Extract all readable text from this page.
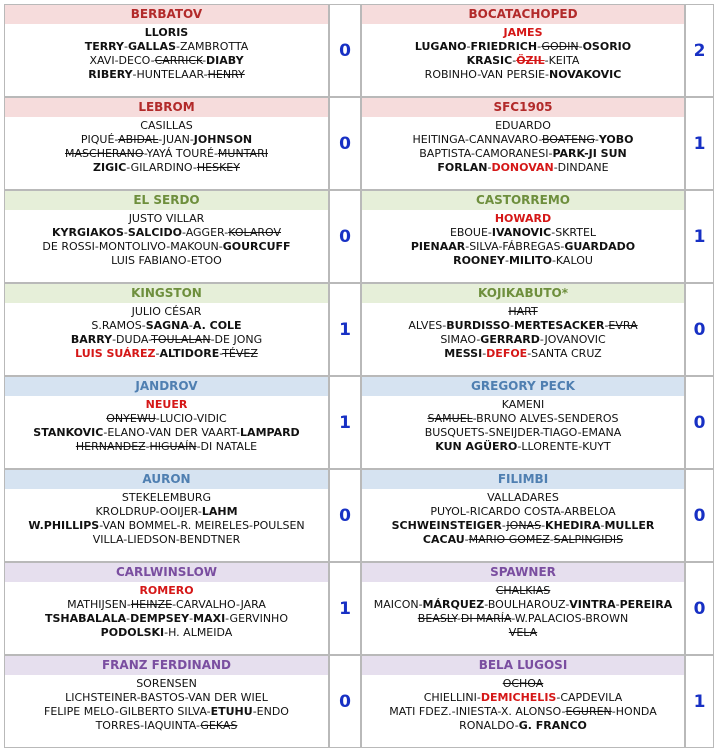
BERBATOV
LLORIS
TERRY-GALLAS-ZAMBROTTA
XAVI-DECO-CARRICK-DIABY
RIBERY-HUNTELAAR-HENRY
0
BOCATACHOPED
JAMES
LUGANO-FRIEDRICH-GODIN-OSORIO
KRASIC-ÖZIL-KEITA
ROBINHO-VAN PERSIE-NOVAKOVIC
2
LEBROM
CASILLAS
PIQUÉ-ABIDAL-JUAN-JOHNSON
MASCHERANO-YAYÁ TOURÉ-MUNTARI
ZIGIC-GILARDINO-HESKEY
0
SFC1905
EDUARDO
HEITINGA-CANNAVARO-BOATENG-YOBO
BAPTISTA-CAMORANESI-PARK-JI SUN
FORLAN-DONOVAN-DINDANE
1
EL SERDO
JUSTO VILLAR
KYRGIAKOS-SALCIDO-AGGER-KOLAROV
DE ROSSI-MONTOLIVO-MAKOUN-GOURCUFF
LUIS FABIANO-ETOO
0
CASTORREMO
HOWARD
EBOUE-IVANOVIC-SKRTEL
PIENAAR-SILVA-FÁBREGAS-GUARDADO
ROONEY-MILITO-KALOU
1
KINGSTON
JULIO CÉSAR
S.RAMOS-SAGNA-A. COLE
BARRY-DUDA-TOULALAN-DE JONG
LUIS SUÁREZ-ALTIDORE-TÉVEZ
1
KOJIKABUTO*
HART
ALVES-BURDISSO-MERTESACKER-EVRA
SIMAO-GERRARD-JOVANOVIC
MESSI-DEFOE-SANTA CRUZ
0
JANDROV
NEUER
ONYEWU-LUCIO-VIDIC
STANKOVIC-ELANO-VAN DER VAART-LAMPARD
HERNANDEZ-HIGUAÍN-DI NATALE
1
GREGORY PECK
KAMENI
SAMUEL-BRUNO ALVES-SENDEROS
BUSQUETS-SNEIJDER-TIAGO-EMANA
KUN AGÜERO-LLORENTE-KUYT
0
AURON
STEKELEMBURG
KROLDRUP-OOIJER-LAHM
W.PHILLIPS-VAN BOMMEL-R. MEIRELES-POULSEN
VILLA-LIEDSON-BENDTNER
0
FILIMBI
VALLADARES
PUYOL-RICARDO COSTA-ARBELOA
SCHWEINSTEIGER-JONAS-KHEDIRA-MULLER
CACAU-MARIO GOMEZ-SALPINGIDIS
0
CARLWINSLOW
ROMERO
MATHIJSEN-HEINZE-CARVALHO-JARA
TSHABALALA-DEMPSEY-MAXI-GERVINHO
PODOLSKI-H. ALMEIDA
1
SPAWNER
CHALKIAS
MAICON-MÁRQUEZ-BOULHAROUZ-VINTRA-PEREIRA
BEASLY-DI MARÍA-W.PALACIOS-BROWN
VELA
0
FRANZ FERDINAND
SORENSEN
LICHSTEINER-BASTOS-VAN DER WIEL
FELIPE MELO-GILBERTO SILVA-ETUHU-ENDO
TORRES-IAQUINTA-GEKAS
0
BELA LUGOSI
OCHOA
CHIELLINI-DEMICHELIS-CAPDEVILA
MATI FDEZ.-INIESTA-X. ALONSO-EGUREN-HONDA
RONALDO-G. FRANCO
1
